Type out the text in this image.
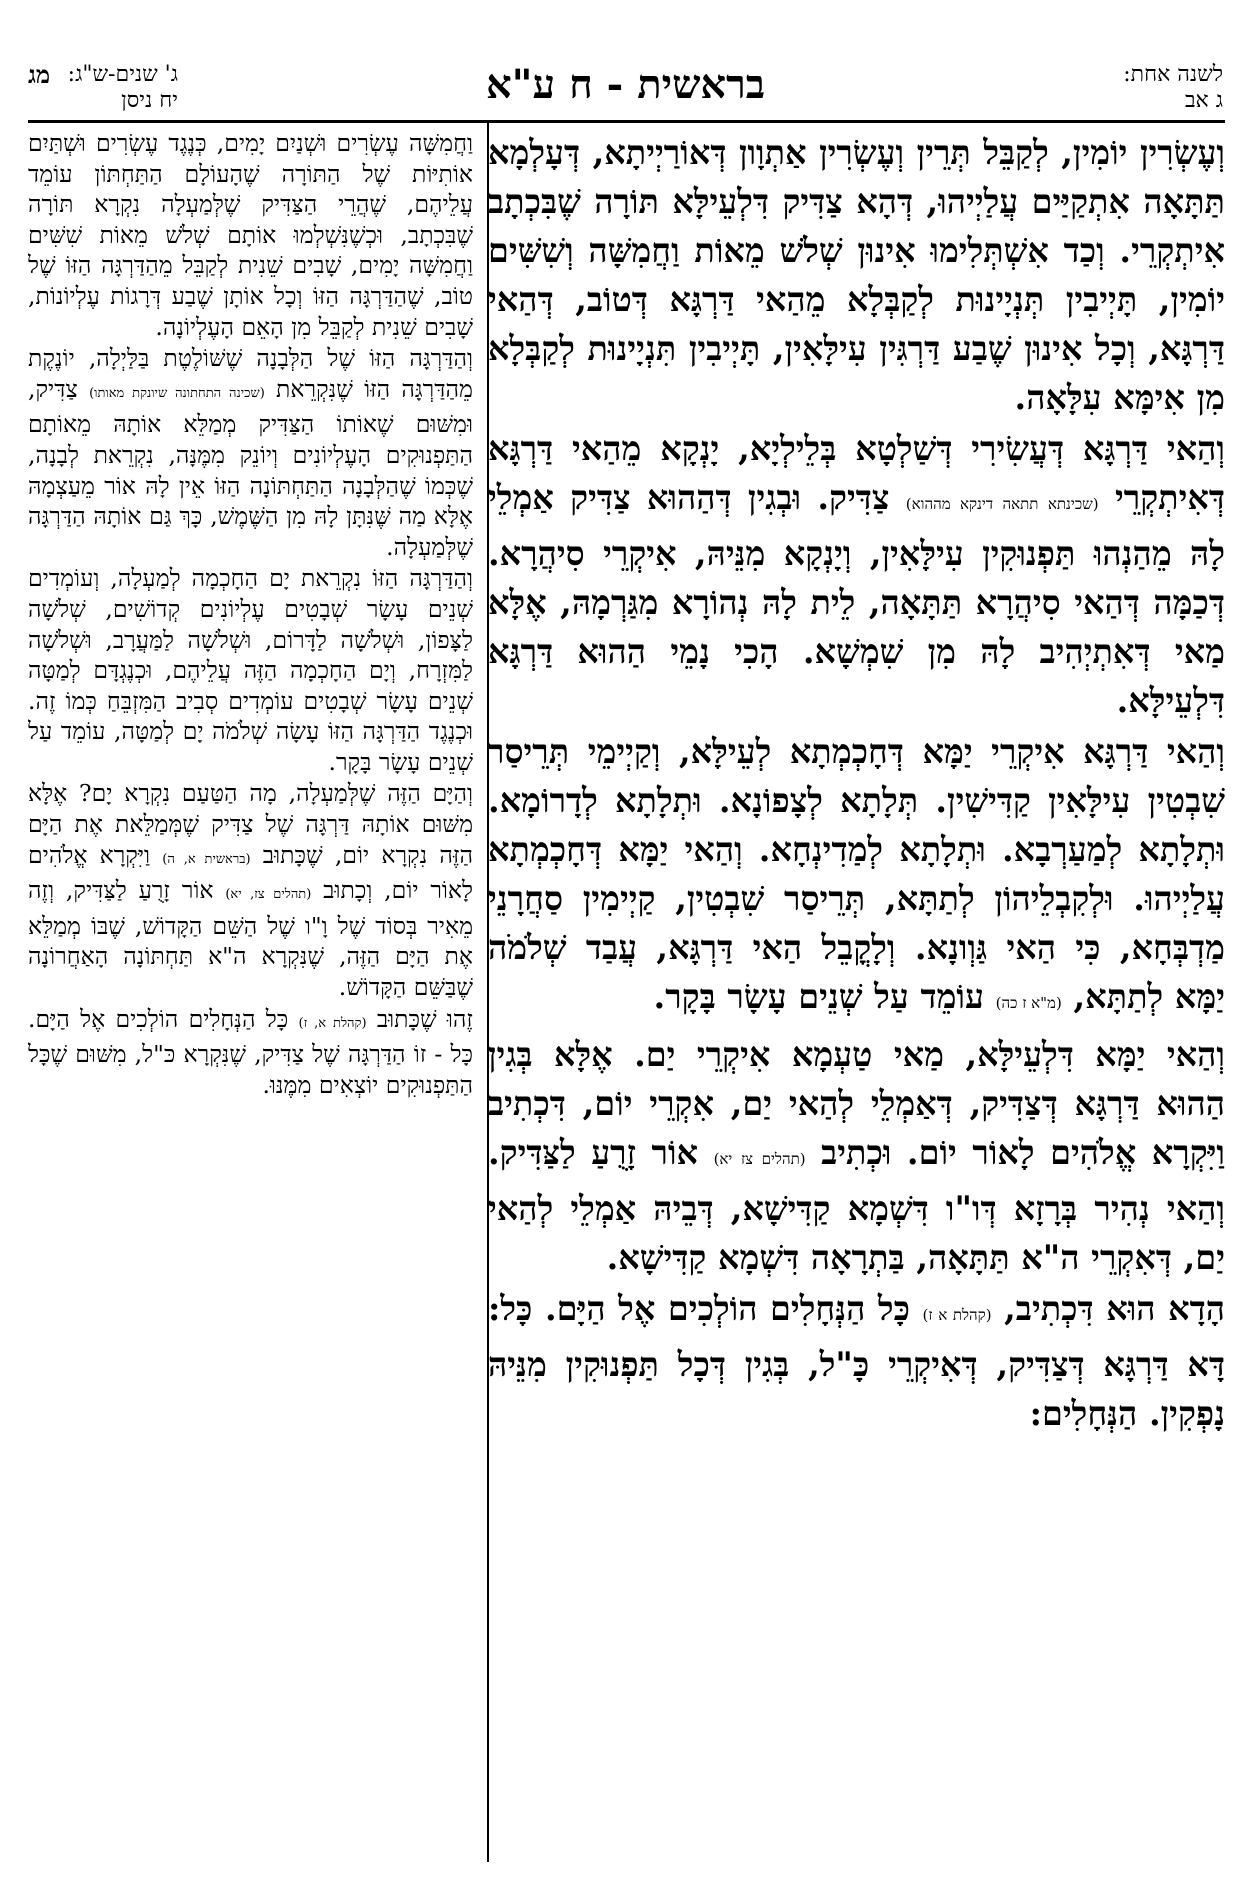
לשנה אחת:
ג אב
בראשית - ח ע"א
מג ג' שנים-ש"ג:
יח ניסן

וְעֶשְׂרִין יוֹמִין, לְקַבֵּל תְּרֵין וְעֶשְׂרִין אַתְוָון דְּאוֹרַיְיתָא, דְּעָלְמָא תַּתָּאָה אִתְקַיַּים עֲלַיְיהוּ, דְּהָא צַדִּיק דִּלְעֵילָּא תּוֹרָה שֶׁבִּכְתָב אִיתְקְרֵי. וְכַד אִשְׁתְּלִימוּ אִינוּן שְׁלֹשׁ מֵאוֹת וַחֲמִשָּׁה וְשִׁשִּׁים יוֹמִין, תָּיְיבִין תְּנְיָינוּת לְקַבְּלָא מֵהַאי דַּרְגָּא דְּטוֹב, דְּהַאי דַּרְגָּא, וְכָל אִינוּן שֶׁבַע דַּרְגִּין עִילָּאִין, תָּיְיבִין תִּנְיָינוּת לְקַבְּלָא מִן אִימָּא עִלָּאָה.

וְהַאי דַּרְגָּא דְּעֲשִׂירִי דְּשַׁלְטָא בְּלֵילְיָא, יָנְקָא מֵהַאי דַּרְגָּא דְּאִיתְקְרֵי (שכינתא תתאה דינקא מההוא) צַדִּיק. וּבְגִין דְּהַהוּא צַדִּיק אַמְלֵי לָהּ מֵהַנְהוּ תַּפְנוּקִין עִילָּאִין, וְיָנְקָא מִנֵּיהּ, אִיקְרֵי סִיהֲרָא. דְּכַמָּה דְּהַאי סִיהֲרָא תַּתָּאָה, לֵית לָהּ נְהוֹרָא מִגַּרְמָהּ, אֶלָּא מַאי דְּאִתְיְהִיב לָהּ מִן שִׁמְשָׁא. הָכִי נָמֵי הַהוּא דַּרְגָּא דִּלְעֵילָּא.

וְהַאי דַּרְגָּא אִיקְרֵי יַמָּא דְּחָכְמְתָא לְעֵילָּא, וְקַיְימֵי תְּרֵיסַר שִׁבְטִין עִילָּאִין קַדִּישִׁין. תְּלָתָא לְצָפוֹנָא. וּתְלָתָא לְדָרוֹמָא. וּתְלָתָא לְמַעַרְבָא. וּתְלָתָא לְמַדִינְחָא. וְהַאי יַמָּא דְּחָכְמְתָא עֲלַיְיהוּ. וּלְקִבְלֵיהוֹן לְתַתָּא, תְּרֵיסַר שִׁבְטִין, קַיְימִין סַחֲרָנֵי מַדְבְּחָא, כִּי הַאי גַּוְונָא. וְלָקֳבֵל הַאי דַּרְגָּא, עֲבַד שְׁלֹמֹה יַמָּא לְתַתָּא, (מ"א ז כה) עוֹמֵד עַל שְׁנֵים עָשָׂר בָּקָר.

וְהַאי יַמָּא דִּלְעֵילָּא, מַאי טַעְמָא אִיקְרֵי יַם. אֶלָּא בְּגִין הַהוּא דַּרְגָּא דְּצַדִּיק, דְּאַמְלֵי לְהַאי יַם, אִקְרֵי יוֹם, דִּכְתִיב וַיִּקְרָא אֱלֹהִים לָאוֹר יוֹם. וּכְתִיב (תהלים צז יא) אוֹר זָרֻעַ לַצַּדִּיק. וְהַאי נְהִיר בְּרָזָא דְּו"ו דִּשְׁמָא קַדִּישָׁא, דְּבֵיהּ אַמְלֵי לְהַאי יַם, דְּאִקְרֵי ה"א תַּתָּאָה, בַּתְרָאָה דִּשְׁמָא קַדִּישָׁא.

הָדָא הוּא דִּכְתִיב, (קהלת א ז) כָּל הַנְּחָלִים הוֹלְכִים אֶל הַיָּם. כָּל: דָּא דַּרְגָּא דְּצַדִּיק, דְּאִיקְרֵי כָּ"ל, בְּגִין דְּכָל תַּפְנוּקִין מִנֵּיהּ נָפְקִין. הַנְּחָלִים:

וַחֲמִשָּׁה עֶשְׂרִים וּשְׁנַיִם יָמִים, כְּנֶגֶד עֶשְׂרִים וּשְׁתַּיִם אוֹתִיּוֹת שֶׁל הַתּוֹרָה שֶׁהָעוֹלָם הַתַּחְתּוֹן עוֹמֵד עֲלֵיהֶם, שֶׁהֲרֵי הַצַּדִּיק שֶׁלְּמַעְלָה נִקְרָא תּוֹרָה שֶׁבִּכְתָב, וּכְשֶׁנִּשְׁלְמוּ אוֹתָם שְׁלֹשׁ מֵאוֹת שִׁשִּׁים וַחֲמִשָּׁה יָמִים, שָׁבִים שֵׁנִית לְקַבֵּל מֵהַדַּרְגָּה הַזּוֹ שֶׁל טוֹב, שֶׁהַדַּרְגָּה הַזּוֹ וְכָל אוֹתָן שֶׁבַע דְּרָגוֹת עֶלְיוֹנוֹת, שָׁבִים שֵׁנִית לְקַבֵּל מִן הָאֵם הָעֶלְיוֹנָה.

וְהַדַּרְגָּה הַזּוֹ שֶׁל הַלְּבָנָה שֶׁשּׁוֹלֶטֶת בַּלַּיְלָה, יוֹנֶקֶת מֵהַדַּרְגָּה הַזּוֹ שֶׁנִּקְרֵאת (שכינה התחתונה שיונקת מאותו) צַדִּיק, וּמִשּׁוּם שֶׁאוֹתוֹ הַצַּדִּיק מְמַלֵּא אוֹתָהּ מֵאוֹתָם הַתַּפְנוּקִים הָעֶלְיוֹנִים וְיוֹנֵק מִמֶּנָּה, נִקְרֵאת לְבָנָה, שֶׁכְּמוֹ שֶׁהַלְּבָנָה הַתַּחְתּוֹנָה הַזּוֹ אֵין לָהּ אוֹר מֵעַצְמָהּ אֶלָּא מַה שֶּׁנִּתָּן לָהּ מִן הַשֶּׁמֶשׁ, כָּךְ גַּם אוֹתָהּ הַדַּרְגָּה שֶׁלְּמַעְלָה.

וְהַדַּרְגָּה הַזּוֹ נִקְרֵאת יָם הַחָכְמָה לְמַעְלָה, וְעוֹמְדִים שְׁנֵים עָשָׂר שְׁבָטִים עֶלְיוֹנִים קְדוֹשִׁים, שְׁלֹשָׁה לַצָּפוֹן, וּשְׁלֹשָׁה לַדָּרוֹם, וּשְׁלֹשָׁה לַמַּעֲרָב, וּשְׁלֹשָׁה לַמִּזְרָח, וְיָם הַחָכְמָה הַזֶּה עֲלֵיהֶם, וּכְנֶגְדָּם לְמַטָּה שְׁנֵים עָשָׂר שְׁבָטִים עוֹמְדִים סְבִיב הַמִּזְבֵּחַ כְּמוֹ זֶה. וּכְנֶגֶד הַדַּרְגָּה הַזּוֹ עָשָׂה שְׁלֹמֹה יָם לְמַטָּה, עוֹמֵד עַל שְׁנֵים עָשָׂר בָּקָר.

וְהַיָּם הַזֶּה שֶׁלְּמַעְלָה, מָה הַטַּעַם נִקְרָא יָם? אֶלָּא מִשּׁוּם אוֹתָהּ דַּרְגָּה שֶׁל צַדִּיק שֶׁמְּמַלֵּאת אֶת הַיָּם הַזֶּה נִקְרָא יוֹם, שֶׁכָּתוּב (בראשית א, ה) וַיִּקְרָא אֱלֹהִים לָאוֹר יוֹם, וְכָתוּב (תהלים צז, יא) אוֹר זָרֻעַ לַצַּדִּיק, וְזֶה מֵאִיר בְּסוֹד שֶׁל וָ"ו שֶׁל הַשֵּׁם הַקָּדוֹשׁ, שֶׁבּוֹ מְמַלֵּא אֶת הַיָּם הַזֶּה, שֶׁנִּקְרָא ה"א תַּחְתּוֹנָה הָאַחֲרוֹנָה שֶׁבַּשֵּׁם הַקָּדוֹשׁ.

זֶהוּ שֶׁכָּתוּב (קהלת א, ז) כָּל הַנְּחָלִים הוֹלְכִים אֶל הַיָּם. כָּל - זוֹ הַדַּרְגָּה שֶׁל צַדִּיק, שֶׁנִּקְרָא כּ"ל, מִשּׁוּם שֶׁכָּל הַתַּפְנוּקִים יוֹצְאִים מִמֶּנּוּ.
